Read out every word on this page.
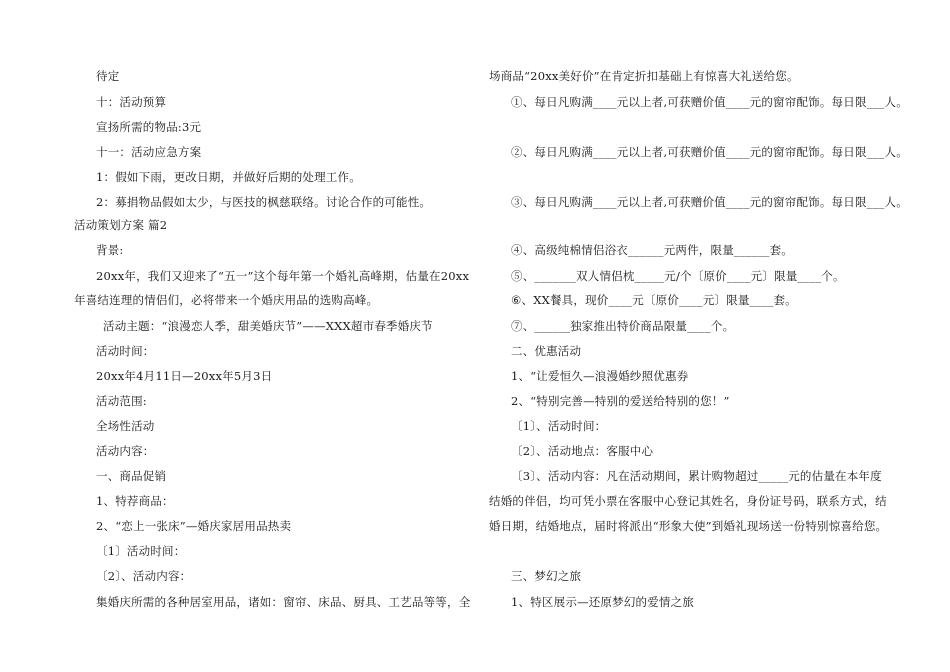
待定
十：活动预算
宣扬所需的物品:3元
十一：活动应急方案
1：假如下雨，更改日期，并做好后期的处理工作。
2：募捐物品假如太少，与医技的枫慈联络。讨论合作的可能性。
活动策划方案 篇2
背景:
20xx年，我们又迎来了“五一”这个每年第一个婚礼高峰期，估量在20xx
年喜结连理的情侣们，必将带来一个婚庆用品的选购高峰。
活动主题：“浪漫恋人季，甜美婚庆节”——XXX超市春季婚庆节
活动时间：
20xx年4月11日—20xx年5月3日
活动范围:
全场性活动
活动内容：
一、商品促销
1、特荐商品：
2、“恋上一张床”—婚庆家居用品热卖
〔1〕活动时间：
〔2〕、活动内容：
集婚庆所需的各种居室用品，诸如：窗帘、床品、厨具、工艺品等等，全
场商品“20xx美好价”在肯定折扣基础上有惊喜大礼送给您。
①、每日凡购满____元以上者,可获赠价值____元的窗帘配饰。每日限___人。
②、每日凡购满____元以上者,可获赠价值____元的窗帘配饰。每日限___人。
③、每日凡购满____元以上者,可获赠价值____元的窗帘配饰。每日限___人。
④、高级纯棉情侣浴衣______元两件，限量______套。
⑤、_______双人情侣枕_____元/个〔原价____元〕限量____个。
⑥、XX餐具，现价____元〔原价____元〕限量____套。
⑦、______独家推出特价商品限量____个。
二、优惠活动
1、“让爱恒久—浪漫婚纱照优惠券
2、“特别完善—特别的爱送给特别的您！”
〔1〕、活动时间：
〔2〕、活动地点：客服中心
〔3〕、活动内容：凡在活动期间，累计购物超过_____元的估量在本年度
结婚的伴侣，均可凭小票在客服中心登记其姓名，身份证号码，联系方式，结
婚日期，结婚地点，届时将派出“形象大使”到婚礼现场送一份特别惊喜给您。
三、梦幻之旅
1、特区展示—还原梦幻的爱情之旅
